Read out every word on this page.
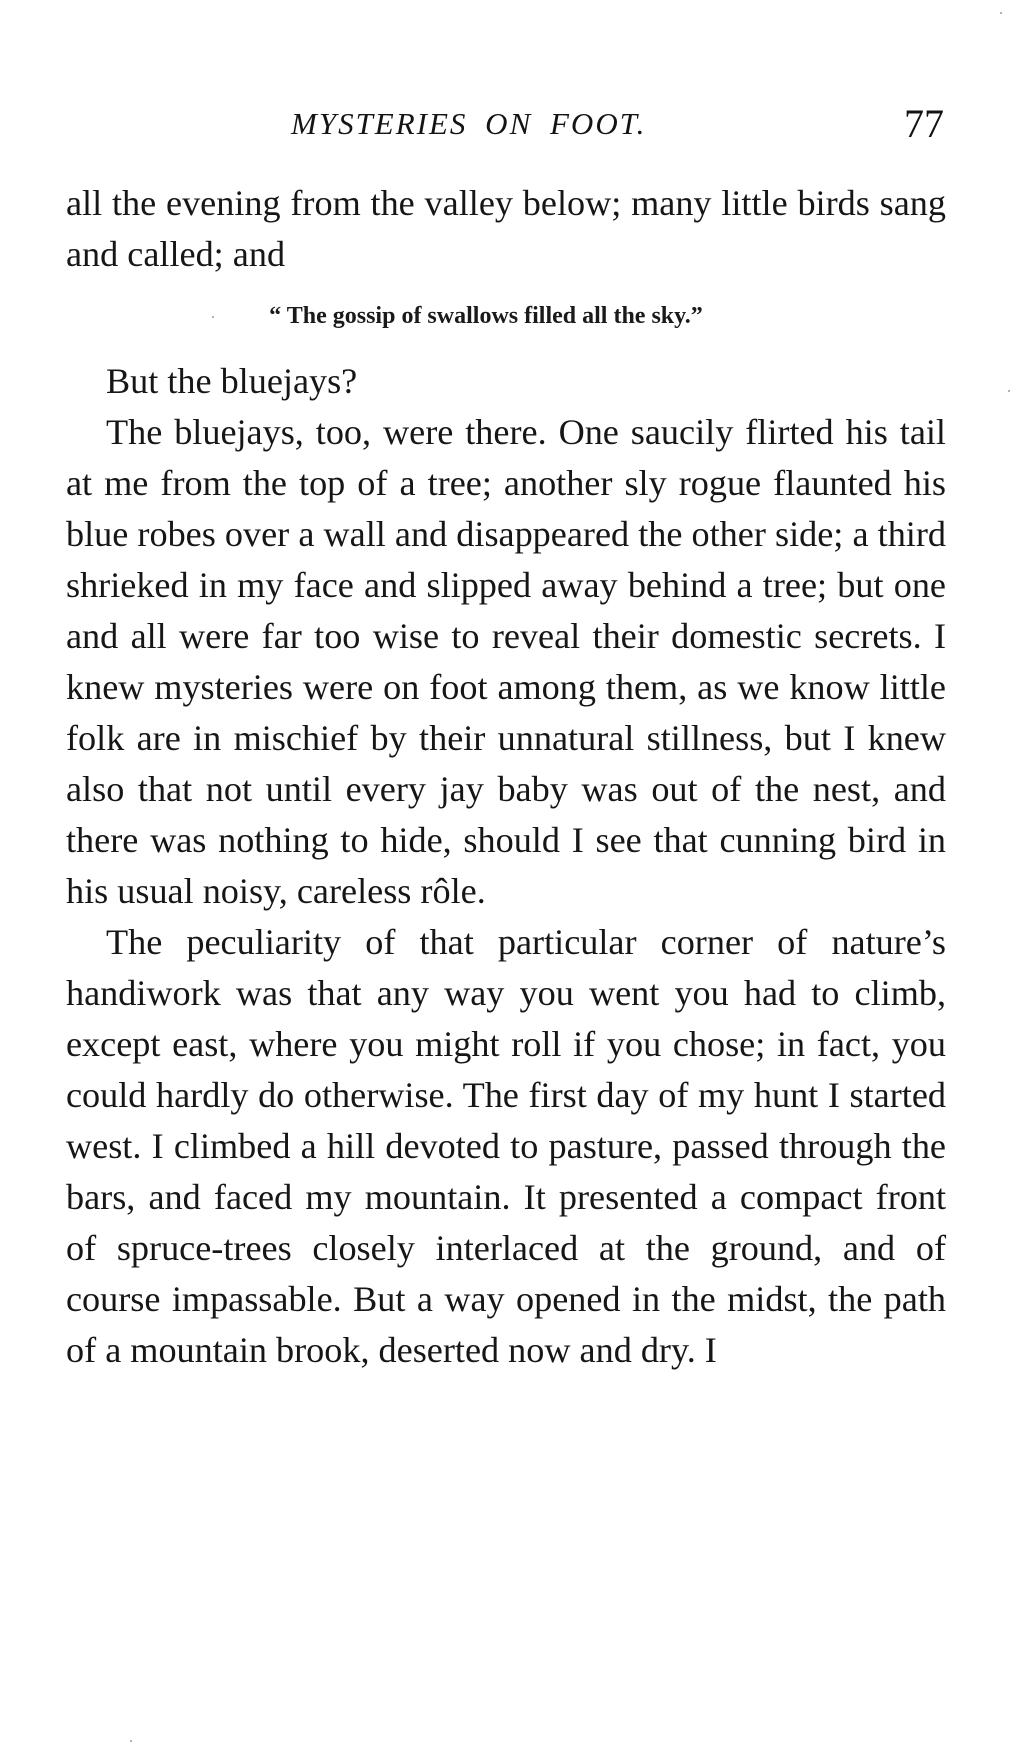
MYSTERIES ON FOOT.	77

all the evening from the valley below; many little birds sang and called; and

“ The gossip of swallows filled all the sky.”

But the bluejays?

The bluejays, too, were there. One saucily flirted his tail at me from the top of a tree; another sly rogue flaunted his blue robes over a wall and disappeared the other side; a third shrieked in my face and slipped away behind a tree; but one and all were far too wise to reveal their domestic secrets. I knew mysteries were on foot among them, as we know little folk are in mischief by their unnatural stillness, but I knew also that not until every jay baby was out of the nest, and there was nothing to hide, should I see that cunning bird in his usual noisy, careless rôle.

The peculiarity of that particular corner of nature’s handiwork was that any way you went you had to climb, except east, where you might roll if you chose; in fact, you could hardly do otherwise. The first day of my hunt I started west. I climbed a hill devoted to pasture, passed through the bars, and faced my mountain. It presented a compact front of spruce-trees closely interlaced at the ground, and of course impassable. But a way opened in the midst, the path of a mountain brook, deserted now and dry. I
